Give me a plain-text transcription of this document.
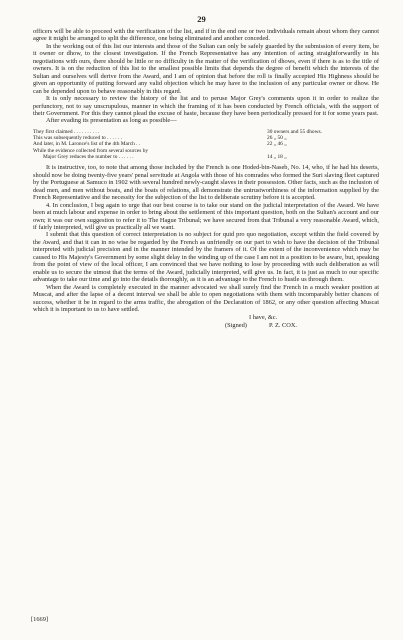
29

officers will be able to proceed with the verification of the list, and if in the end one or two individuals remain about whom they cannot agree it might be arranged to split the difference, one being eliminated and another conceded.

In the working out of this list our interests and those of the Sultan can only be safely guarded by the submission of every item, be it owner or dhow, to the closest investigation. If the French Representative has any intention of acting straightforwardly in his negotiations with ours, there should be little or no difficulty in the matter of the verification of dhows, even if there is as to the title of owners. It is on the reduction of this list to the smallest possible limits that depends the degree of benefit which the interests of the Sultan and ourselves will derive from the Award, and I am of opinion that before the roll is finally accepted His Highness should be given an opportunity of putting forward any valid objection which he may have to the inclusion of any particular owner or dhow. He can be depended upon to behave reasonably in this regard.

It is only necessary to review the history of the list and to peruse Major Grey's comments upon it in order to realize the perfunctory, not to say unscrupulous, manner in which the framing of it has been conducted by French officials, with the support of their Government. For this they cannot plead the excuse of haste, because they have been periodically pressed for it for some years past.

After evading its presentation as long as possible—

They first claimed . . . . . . . . . .	30 owners and 55 dhows.
This was subsequently reduced to . . . . . .	26 „ 50 „
And later, in M. Laronce's list of the 4th March . .	22 „ 46 „
While the evidence collected from several sources by
Major Grey reduces the number to . . . . . .	14 „ 18 „

It is instructive, too, to note that among those included by the French is one Hoded-bin-Naseb, No. 14, who, if he had his deserts, should now be doing twenty-five years' penal servitude at Angola with those of his comrades who formed the Suri slaving fleet captured by the Portuguese at Samuco in 1902 with several hundred newly-caught slaves in their possession. Other facts, such as the inclusion of dead men, and men without boats, and the boats of relations, all demonstrate the untrustworthiness of the information supplied by the French Representative and the necessity for the subjection of the list to deliberate scrutiny before it is accepted.

4. In conclusion, I beg again to urge that our best course is to take our stand on the judicial interpretation of the Award. We have been at much labour and expense in order to bring about the settlement of this important question, both on the Sultan's account and our own; it was our own suggestion to refer it to The Hague Tribunal; we have secured from that Tribunal a very reasonable Award, which, if fairly interpreted, will give us practically all we want.

I submit that this question of correct interpretation is no subject for quid pro quo negotiation, except within the field covered by the Award, and that it can in no wise be regarded by the French as unfriendly on our part to wish to have the decision of the Tribunal interpreted with judicial precision and in the manner intended by the framers of it. Of the extent of the inconvenience which may be caused to His Majesty's Government by some slight delay in the winding up of the case I am not in a position to be aware, but, speaking from the point of view of the local officer, I am convinced that we have nothing to lose by proceeding with such deliberation as will enable us to secure the utmost that the terms of the Award, judicially interpreted, will give us. In fact, it is just as much to our specific advantage to take our time and go into the details thoroughly, as it is an advantage to the French to hustle us through them.

When the Award is completely executed in the manner advocated we shall surely find the French in a much weaker position at Muscat, and after the lapse of a decent interval we shall be able to open negotiations with them with incomparably better chances of success, whether it be in regard to the arms traffic, the abrogation of the Declaration of 1862, or any other question affecting Muscat which it is important to us to have settled.

I have, &c.
(Signed)	P. Z. COX.
[1669]
